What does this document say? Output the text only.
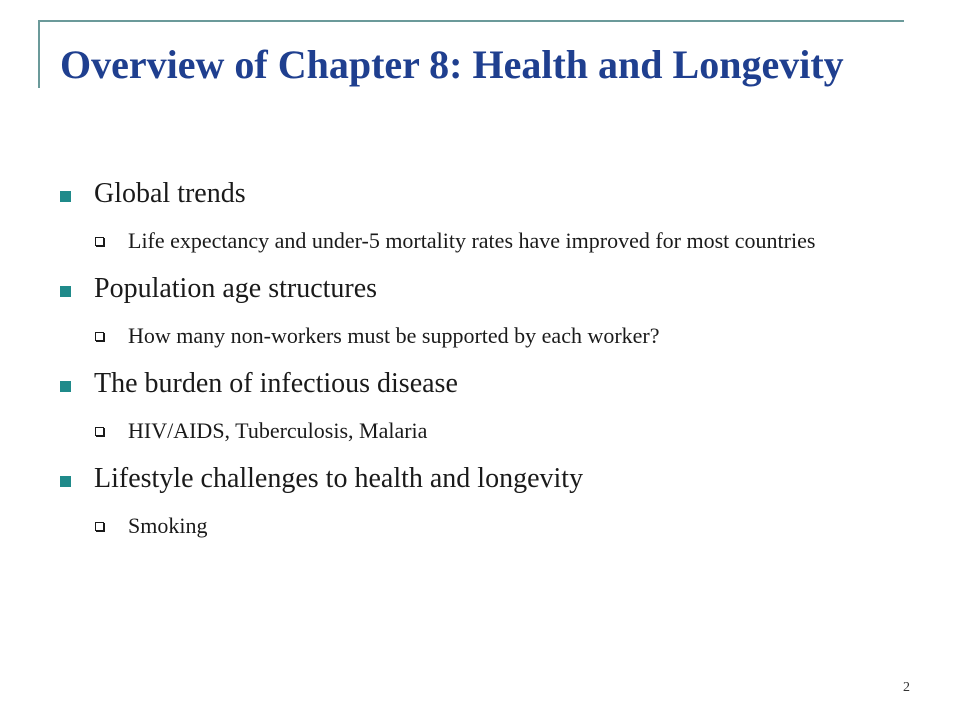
Overview of Chapter 8: Health and Longevity
Global trends
Life expectancy and under-5 mortality rates have improved for most countries
Population age structures
How many non-workers must be supported by each worker?
The burden of infectious disease
HIV/AIDS, Tuberculosis, Malaria
Lifestyle challenges to health and longevity
Smoking
2
